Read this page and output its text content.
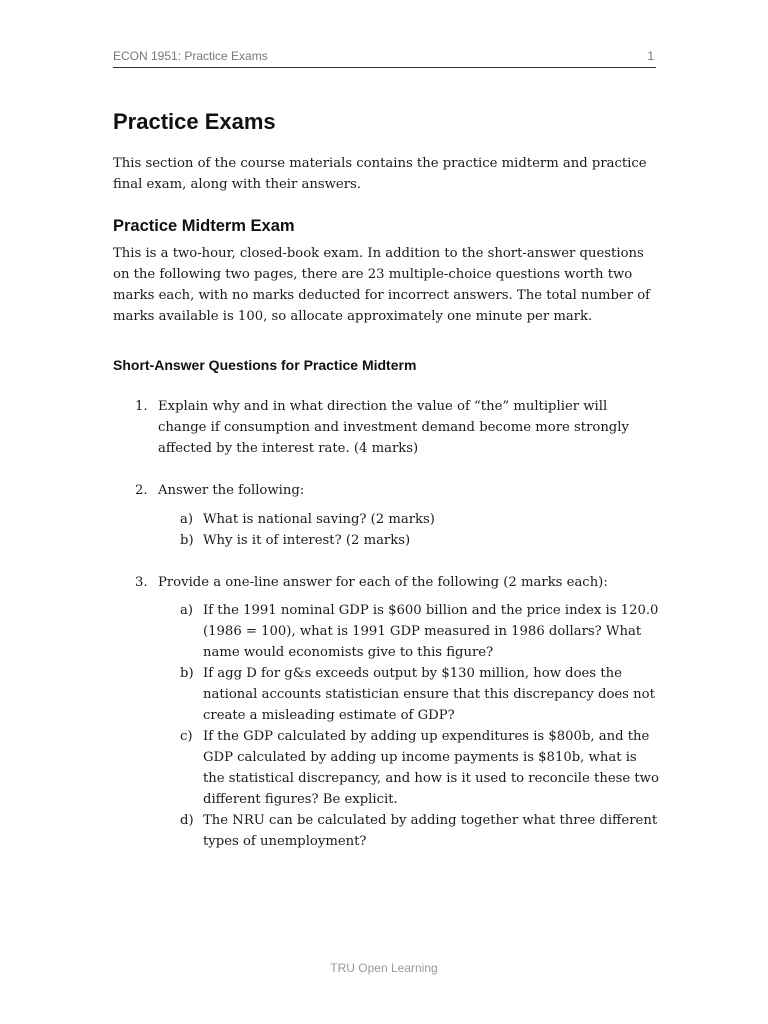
ECON 1951: Practice Exams	1
Practice Exams

This section of the course materials contains the practice midterm and practice final exam, along with their answers.

Practice Midterm Exam

This is a two-hour, closed-book exam. In addition to the short-answer questions on the following two pages, there are 23 multiple-choice questions worth two marks each, with no marks deducted for incorrect answers. The total number of marks available is 100, so allocate approximately one minute per mark.

Short-Answer Questions for Practice Midterm
1. Explain why and in what direction the value of “the” multiplier will change if consumption and investment demand become more strongly affected by the interest rate. (4 marks)
2. Answer the following:
a) What is national saving? (2 marks)
b) Why is it of interest? (2 marks)
3. Provide a one-line answer for each of the following (2 marks each):
a) If the 1991 nominal GDP is $600 billion and the price index is 120.0 (1986 = 100), what is 1991 GDP measured in 1986 dollars? What name would economists give to this figure?
b) If agg D for g&s exceeds output by $130 million, how does the national accounts statistician ensure that this discrepancy does not create a misleading estimate of GDP?
c) If the GDP calculated by adding up expenditures is $800b, and the GDP calculated by adding up income payments is $810b, what is the statistical discrepancy, and how is it used to reconcile these two different figures? Be explicit.
d) The NRU can be calculated by adding together what three different types of unemployment?
TRU Open Learning
